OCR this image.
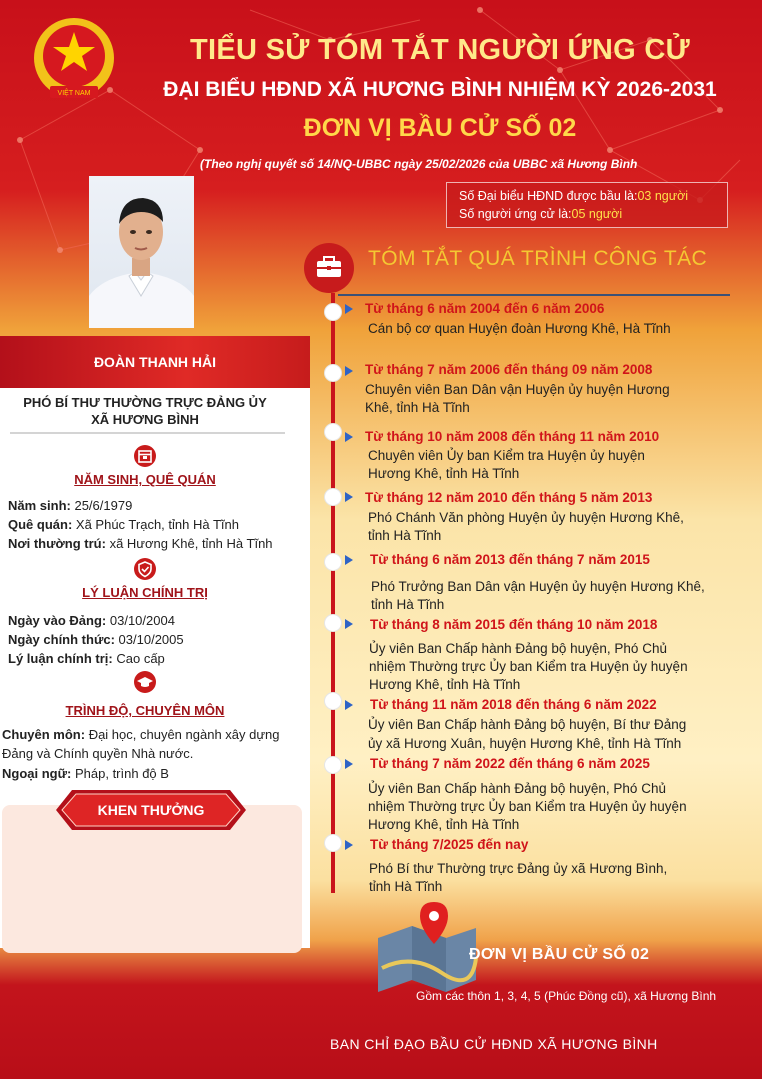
VIỆT NAM
TIỂU SỬ TÓM TẮT NGƯỜI ỨNG CỬ
ĐẠI BIỂU HĐND XÃ HƯƠNG BÌNH NHIỆM KỲ 2026-2031
ĐƠN VỊ BẦU CỬ SỐ 02
(Theo nghị quyết số 14/NQ-UBBC ngày 25/02/2026 của UBBC xã Hương Bình
Số Đại biểu HĐND được bầu là:03 người
Số người ứng cử là:05 người
ĐOÀN THANH HẢI
PHÓ BÍ THƯ THƯỜNG TRỰC ĐẢNG ỦY
XÃ HƯƠNG BÌNH
NĂM SINH, QUÊ QUÁN
Năm sinh: 25/6/1979
Quê quán: Xã Phúc Trạch, tỉnh Hà Tĩnh
Nơi thường trú: xã Hương Khê, tỉnh Hà Tĩnh
LÝ LUẬN CHÍNH TRỊ
Ngày vào Đảng: 03/10/2004
Ngày chính thức: 03/10/2005
Lý luận chính trị: Cao cấp
TRÌNH ĐỘ, CHUYÊN MÔN
Chuyên môn: Đại học, chuyên ngành xây dựng
Đảng và Chính quyền Nhà nước.
Ngoại ngữ: Pháp, trình độ B
KHEN THƯỞNG
TÓM TẮT QUÁ TRÌNH CÔNG TÁC
Từ tháng 6 năm 2004 đến 6 năm 2006
Cán bộ cơ quan Huyện đoàn Hương Khê, Hà Tĩnh
Từ tháng 7 năm 2006 đến tháng 09 năm 2008
Chuyên viên Ban Dân vận Huyện ủy huyện Hương
Khê, tỉnh Hà Tĩnh
Từ tháng 10 năm 2008 đến tháng 11 năm 2010
Chuyên viên Ủy ban Kiểm tra Huyện ủy huyện
Hương Khê, tỉnh Hà Tĩnh
Từ tháng 12 năm 2010 đến tháng 5 năm 2013
Phó Chánh Văn phòng Huyện ủy huyện Hương Khê,
tỉnh Hà Tĩnh
Từ tháng 6 năm 2013 đến tháng 7 năm 2015
Phó Trưởng Ban Dân vận Huyện ủy huyện Hương Khê,
tỉnh Hà Tĩnh
Từ tháng 8 năm 2015 đến tháng 10 năm 2018
Ủy viên Ban Chấp hành Đảng bộ huyện, Phó Chủ
nhiệm Thường trực Ủy ban Kiểm tra Huyện ủy huyện
Hương Khê, tỉnh Hà Tĩnh
Từ tháng 11 năm 2018 đến tháng 6 năm 2022
Ủy viên Ban Chấp hành Đảng bộ huyện, Bí thư Đảng
ủy xã Hương Xuân, huyện Hương Khê, tỉnh Hà Tĩnh
Từ tháng 7 năm 2022 đến tháng 6 năm 2025
Ủy viên Ban Chấp hành Đảng bộ huyện, Phó Chủ
nhiệm Thường trực Ủy ban Kiểm tra Huyện ủy huyện
Hương Khê, tỉnh Hà Tĩnh
Từ tháng 7/2025 đến nay
Phó Bí thư Thường trực Đảng ủy xã Hương Bình,
tỉnh Hà Tĩnh
ĐƠN VỊ BẦU CỬ SỐ 02
Gồm các thôn 1, 3, 4, 5 (Phúc Đồng cũ), xã Hương Bình
BAN CHỈ ĐẠO BẦU CỬ HĐND XÃ HƯƠNG BÌNH
